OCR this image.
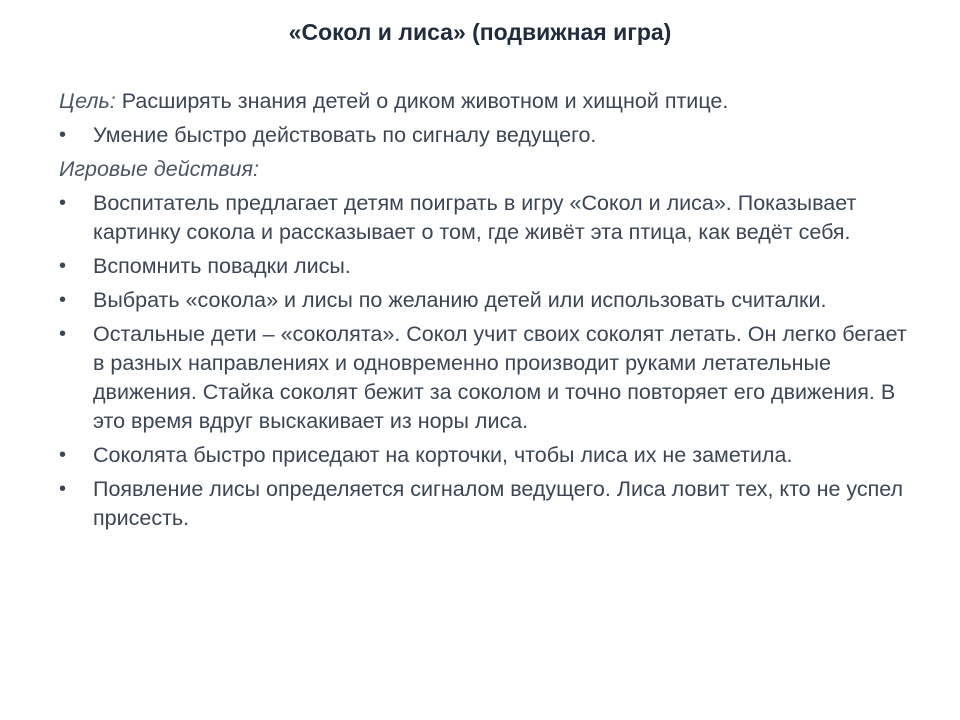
«Сокол и лиса» (подвижная игра)
Цель: Расширять знания детей о диком животном и хищной птице.
•	Умение быстро действовать по сигналу ведущего.
Игровые действия:
•	Воспитатель предлагает детям поиграть в игру «Сокол и лиса». Показывает картинку сокола и рассказывает о том, где живёт эта птица, как ведёт себя.
•	Вспомнить повадки лисы.
•	Выбрать «сокола» и лисы по желанию детей или использовать считалки.
•	Остальные дети – «соколята». Сокол учит своих соколят летать. Он легко бегает в разных направлениях и одновременно производит руками летательные движения. Стайка соколят бежит за соколом и точно повторяет его движения. В это время вдруг выскакивает из норы лиса.
•	Соколята быстро приседают на корточки, чтобы лиса их не заметила.
•	Появление лисы определяется сигналом ведущего. Лиса ловит тех, кто не успел присесть.
